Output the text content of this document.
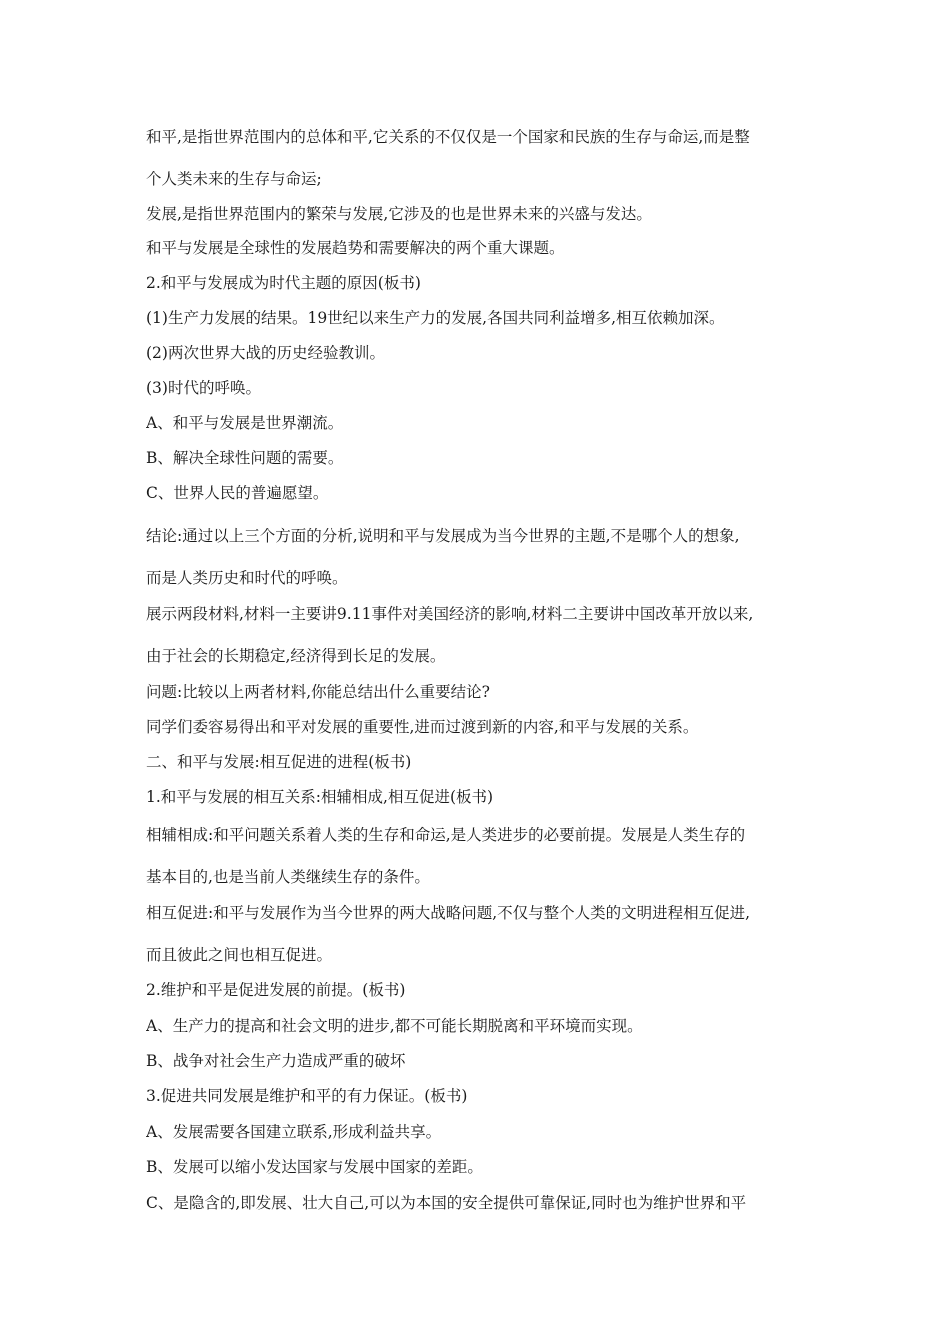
和平,是指世界范围内的总体和平,它关系的不仅仅是一个国家和民族的生存与命运,而是整
个人类未来的生存与命运;
发展,是指世界范围内的繁荣与发展,它涉及的也是世界未来的兴盛与发达。
和平与发展是全球性的发展趋势和需要解决的两个重大课题。
2.和平与发展成为时代主题的原因(板书)
(1)生产力发展的结果。19世纪以来生产力的发展,各国共同利益增多,相互依赖加深。
(2)两次世界大战的历史经验教训。
(3)时代的呼唤。
A、和平与发展是世界潮流。
B、解决全球性问题的需要。
C、世界人民的普遍愿望。
结论:通过以上三个方面的分析,说明和平与发展成为当今世界的主题,不是哪个人的想象,
而是人类历史和时代的呼唤。
展示两段材料,材料一主要讲9.11事件对美国经济的影响,材料二主要讲中国改革开放以来,
由于社会的长期稳定,经济得到长足的发展。
问题:比较以上两者材料,你能总结出什么重要结论?
同学们委容易得出和平对发展的重要性,进而过渡到新的内容,和平与发展的关系。
二、和平与发展:相互促进的进程(板书)
1.和平与发展的相互关系:相辅相成,相互促进(板书)
相辅相成:和平问题关系着人类的生存和命运,是人类进步的必要前提。发展是人类生存的
基本目的,也是当前人类继续生存的条件。
相互促进:和平与发展作为当今世界的两大战略问题,不仅与整个人类的文明进程相互促进,
而且彼此之间也相互促进。
2.维护和平是促进发展的前提。(板书)
A、生产力的提高和社会文明的进步,都不可能长期脱离和平环境而实现。
B、战争对社会生产力造成严重的破坏
3.促进共同发展是维护和平的有力保证。(板书)
A、发展需要各国建立联系,形成利益共享。
B、发展可以缩小发达国家与发展中国家的差距。
C、是隐含的,即发展、壮大自己,可以为本国的安全提供可靠保证,同时也为维护世界和平
